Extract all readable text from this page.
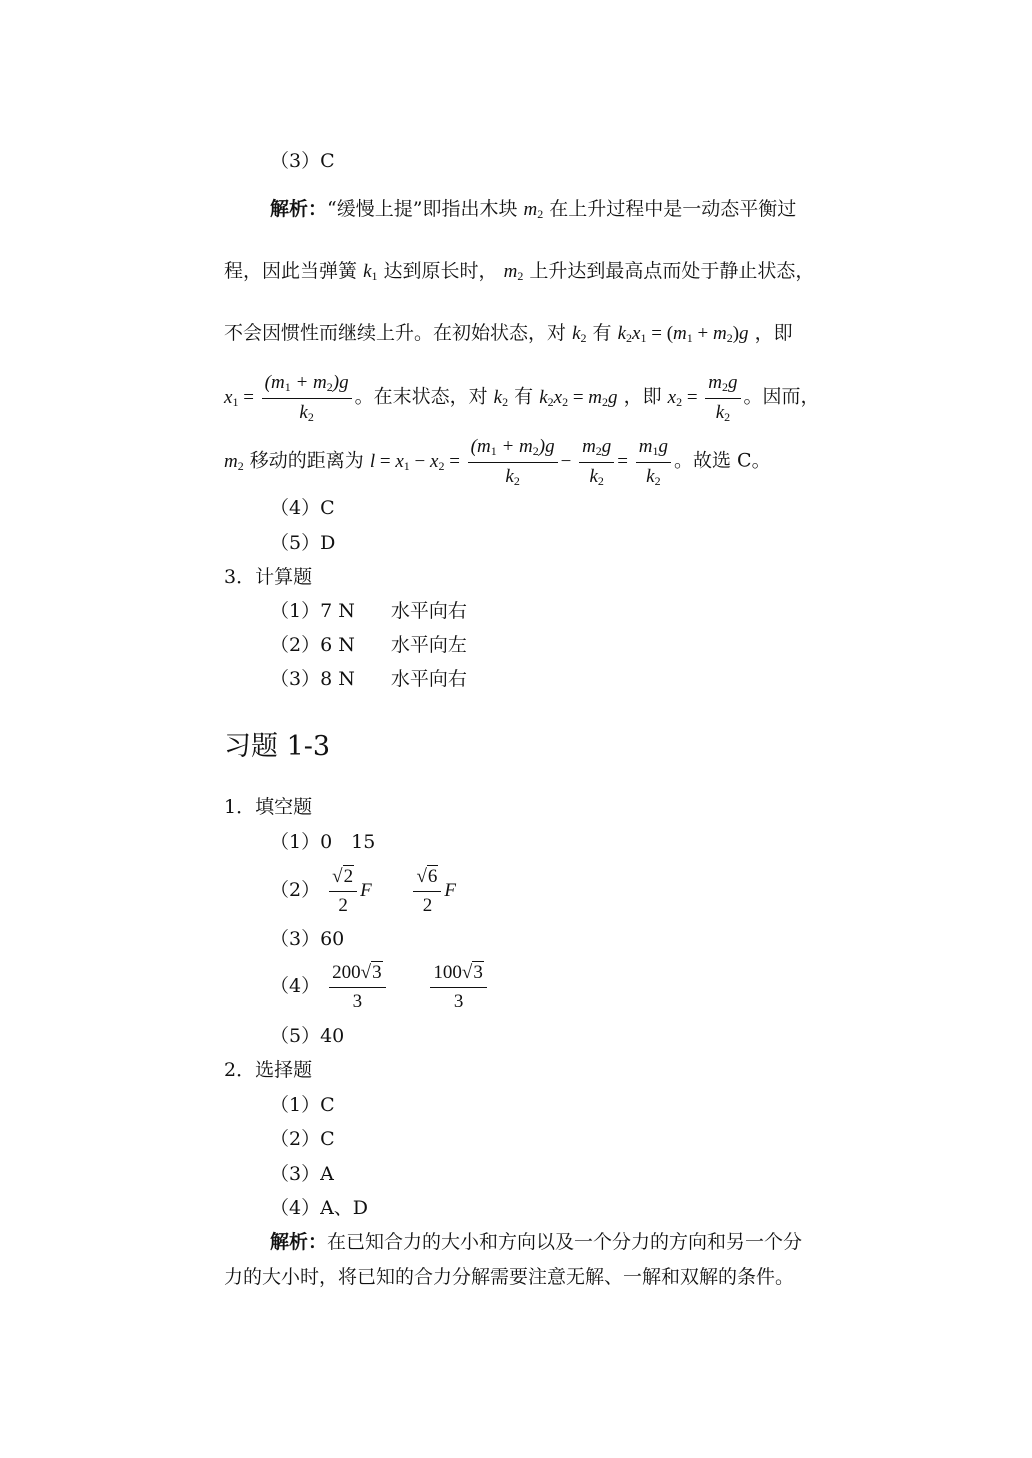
（3）C
解析：“缓慢上提”即指出木块 $m_2$ 在上升过程中是一动态平衡过
程，因此当弹簧 $k_1$ 达到原长时， $m_2$ 上升达到最高点而处于静止状态，
不会因惯性而继续上升。在初始状态，对 $k_2$ 有 $k_2x_1 = (m_1 + m_2)g$ ，即
$x_1 = \frac{(m_1 + m_2)g}{k_2}$ 。在末状态，对 $k_2$ 有 $k_2x_2 = m_2g$ ，即 $x_2 = \frac{m_2g}{k_2}$ 。因而，
$m_2$ 移动的距离为 $l = x_1 - x_2 = \frac{(m_1 + m_2)g}{k_2} - \frac{m_2g}{k_2} = \frac{m_1g}{k_2}$ 。故选 C。
（4）C
（5）D
3．计算题
（1）7 N 水平向右
（2）6 N 水平向左
（3）8 N 水平向右
习题 1-3
1．填空题
（1）0　15
$(2) \frac{√2}{2}$ F $\frac{√6}{2}$ F
（3）60
$(4) \frac{200√3}{3}$
$\frac{100√3}{3}$
（5）40
2．选择题
（1）C
（2）C
（3）A
（4）A、D
解析：在已知合力的大小和方向以及一个分力的方向和另一个分
力的大小时，将已知的合力分解需要注意无解、一解和双解的条件。
